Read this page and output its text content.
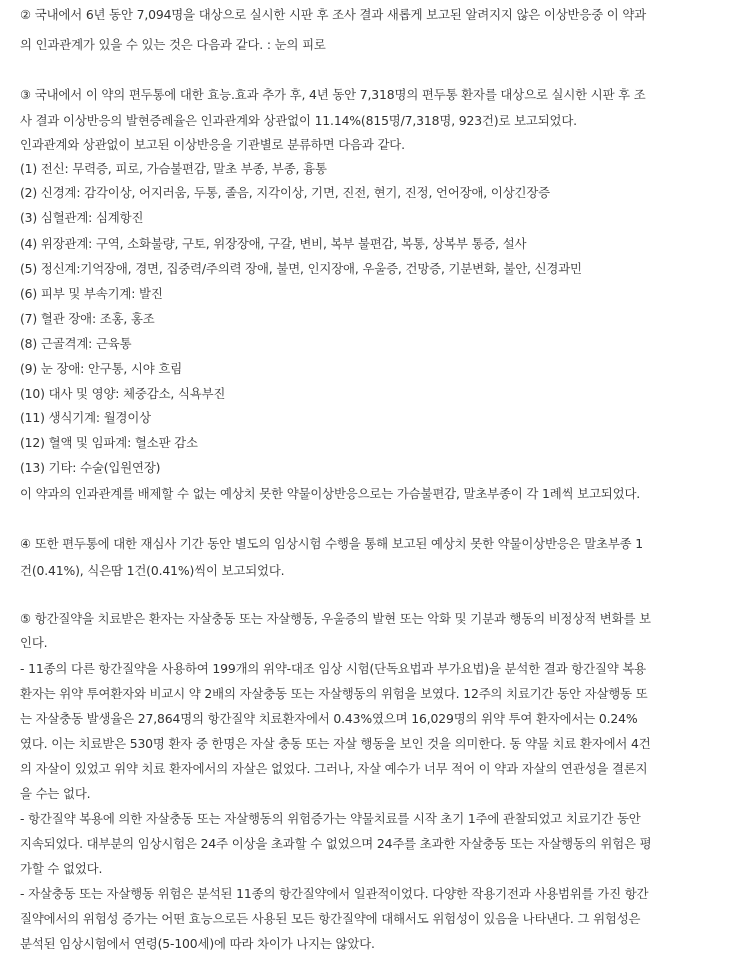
② 국내에서 6년 동안 7,094명을 대상으로 실시한 시판 후 조사 결과 새롭게 보고된 알려지지 않은 이상반응중 이 약과
의 인과관계가 있을 수 있는 것은 다음과 같다. : 눈의 피로
③ 국내에서 이 약의 편두통에 대한 효능.효과 추가 후, 4년 동안 7,318명의 편두통 환자를 대상으로 실시한 시판 후 조
사 결과 이상반응의 발현증례율은 인과관계와 상관없이 11.14%(815명/7,318명, 923건)로 보고되었다.
인과관계와 상관없이 보고된 이상반응을 기관별로 분류하면 다음과 같다.
(1) 전신: 무력증, 피로, 가슴불편감, 말초 부종, 부종, 흉통
(2) 신경계: 감각이상, 어지러움, 두통, 졸음, 지각이상, 기면, 진전, 현기, 진정, 언어장애, 이상긴장증
(3) 심혈관계: 심계항진
(4) 위장관계: 구역, 소화불량, 구토, 위장장애, 구갈, 변비, 복부 불편감, 복통, 상복부 통증, 설사
(5) 정신계:기억장애, 경면, 집중력/주의력 장애, 불면, 인지장애, 우울증, 건망증, 기분변화, 불안, 신경과민
(6) 피부 및 부속기계: 발진
(7) 혈관 장애: 조홍, 홍조
(8) 근골격계: 근육통
(9) 눈 장애: 안구통, 시야 흐림
(10) 대사 및 영양: 체중감소, 식욕부진
(11) 생식기계: 월경이상
(12) 혈액 및 임파계: 혈소판 감소
(13) 기타: 수술(입원연장)
이 약과의 인과관계를 배제할 수 없는 예상치 못한 약물이상반응으로는 가슴불편감, 말초부종이 각 1례씩 보고되었다.
④ 또한 편두통에 대한 재심사 기간 동안 별도의 임상시험 수행을 통해 보고된 예상치 못한 약물이상반응은 말초부종 1
건(0.41%), 식은땀 1건(0.41%)씩이 보고되었다.
⑤ 항간질약을 치료받은 환자는 자살충동 또는 자살행동, 우울증의 발현 또는 악화 및 기분과 행동의 비정상적 변화를 보
인다.
- 11종의 다른 항간질약을 사용하여 199개의 위약-대조 임상 시험(단독요법과 부가요법)을 분석한 결과 항간질약 복용
환자는 위약 투여환자와 비교시 약 2배의 자살충동 또는 자살행동의 위험을 보였다. 12주의 치료기간 동안 자살행동 또
는 자살충동 발생율은 27,864명의 항간질약 치료환자에서 0.43%였으며 16,029명의 위약 투여 환자에서는 0.24%
였다. 이는 치료받은 530명 환자 중 한명은 자살 충동 또는 자살 행동을 보인 것을 의미한다. 동 약물 치료 환자에서 4건
의 자살이 있었고 위약 치료 환자에서의 자살은 없었다. 그러나, 자살 예수가 너무 적어 이 약과 자살의 연관성을 결론지
을 수는 없다.
- 항간질약 복용에 의한 자살충동 또는 자살행동의 위험증가는 약물치료를 시작 초기 1주에 관찰되었고 치료기간 동안
지속되었다. 대부분의 임상시험은 24주 이상을 초과할 수 없었으며 24주를 초과한 자살충동 또는 자살행동의 위험은 평
가할 수 없었다.
- 자살충동 또는 자살행동 위험은 분석된 11종의 항간질약에서 일관적이었다. 다양한 작용기전과 사용범위를 가진 항간
질약에서의 위험성 증가는 어떤 효능으로든 사용된 모든 항간질약에 대해서도 위험성이 있음을 나타낸다. 그 위험성은
분석된 임상시험에서 연령(5-100세)에 따라 차이가 나지는 않았다.
